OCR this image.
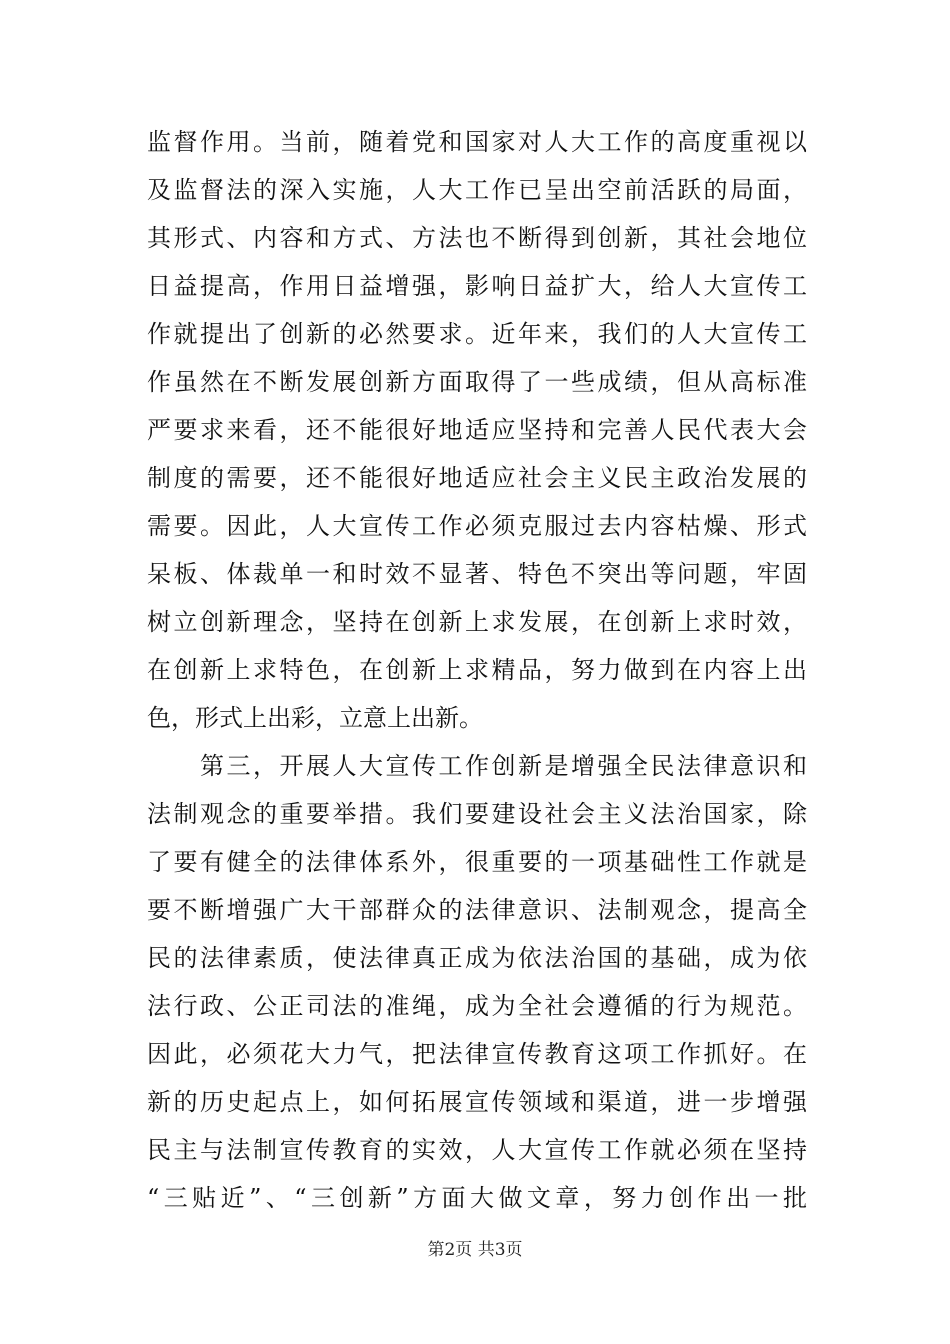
监督作用。当前，随着党和国家对人大工作的高度重视以
及监督法的深入实施，人大工作已呈出空前活跃的局面，
其形式、内容和方式、方法也不断得到创新，其社会地位
日益提高，作用日益增强，影响日益扩大，给人大宣传工
作就提出了创新的必然要求。近年来，我们的人大宣传工
作虽然在不断发展创新方面取得了一些成绩，但从高标准
严要求来看，还不能很好地适应坚持和完善人民代表大会
制度的需要，还不能很好地适应社会主义民主政治发展的
需要。因此，人大宣传工作必须克服过去内容枯燥、形式
呆板、体裁单一和时效不显著、特色不突出等问题，牢固
树立创新理念，坚持在创新上求发展，在创新上求时效，
在创新上求特色，在创新上求精品，努力做到在内容上出
色，形式上出彩，立意上出新。
　　第三，开展人大宣传工作创新是增强全民法律意识和
法制观念的重要举措。我们要建设社会主义法治国家，除
了要有健全的法律体系外，很重要的一项基础性工作就是
要不断增强广大干部群众的法律意识、法制观念，提高全
民的法律素质，使法律真正成为依法治国的基础，成为依
法行政、公正司法的准绳，成为全社会遵循的行为规范。
因此，必须花大力气，把法律宣传教育这项工作抓好。在
新的历史起点上，如何拓展宣传领域和渠道，进一步增强
民主与法制宣传教育的实效，人大宣传工作就必须在坚持
“三贴近”、“三创新”方面大做文章，努力创作出一批
第2页 共3页
